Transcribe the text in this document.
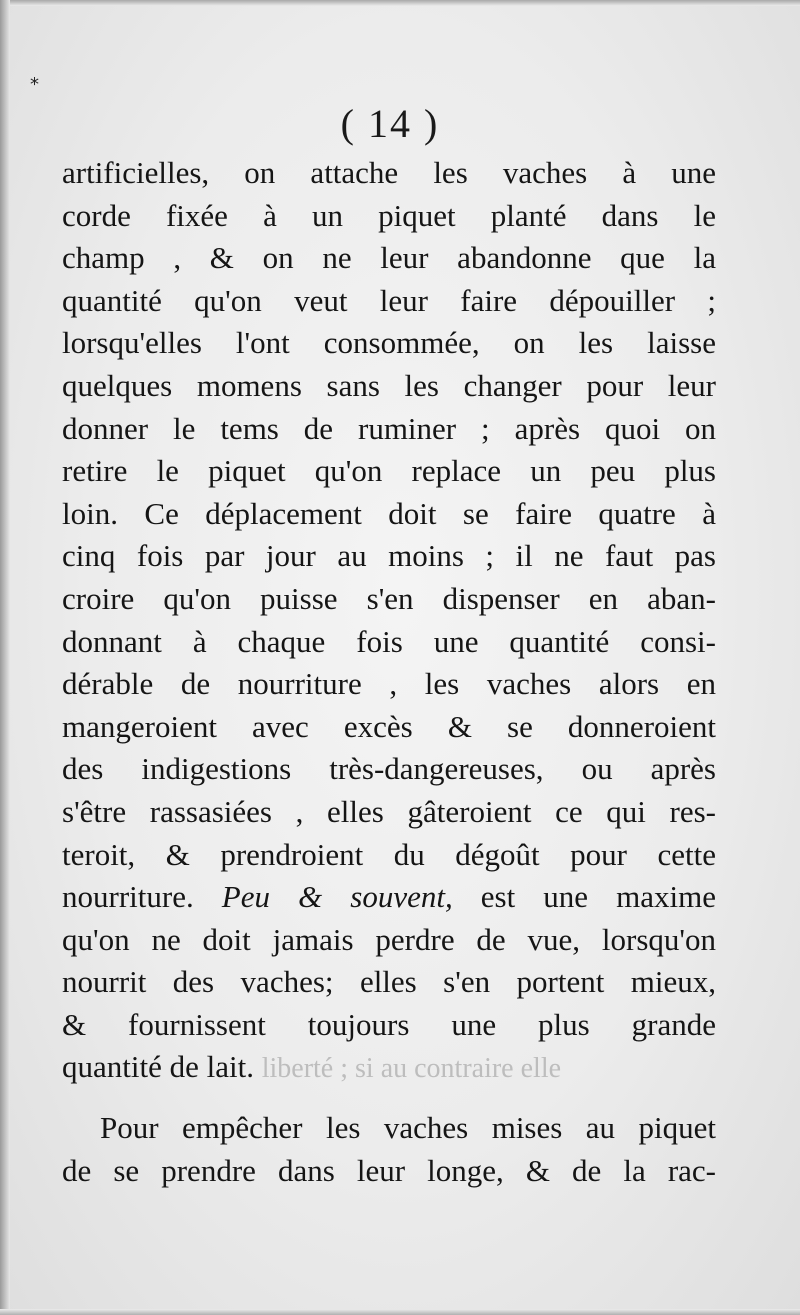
*
( 14 )
artificielles, on attache les vaches à une
corde fixée à un piquet planté dans le
champ , & on ne leur abandonne que la
quantité qu'on veut leur faire dépouiller ;
lorsqu'elles l'ont consommée, on les laisse
quelques momens sans les changer pour leur
donner le tems de ruminer ; après quoi on
retire le piquet qu'on replace un peu plus
loin. Ce déplacement doit se faire quatre à
cinq fois par jour au moins ; il ne faut pas
croire qu'on puisse s'en dispenser en aban-
donnant à chaque fois une quantité consi-
dérable de nourriture , les vaches alors en
mangeroient avec excès & se donneroient
des indigestions très-dangereuses, ou après
s'être rassasiées , elles gâteroient ce qui res-
teroit, & prendroient du dégoût pour cette
nourriture. Peu & souvent, est une maxime
qu'on ne doit jamais perdre de vue, lorsqu'on
nourrit des vaches; elles s'en portent mieux,
& fournissent toujours une plus grande
quantité de lait. liberté ; si au contraire elle
Pour empêcher les vaches mises au piquet
de se prendre dans leur longe, & de la rac-
